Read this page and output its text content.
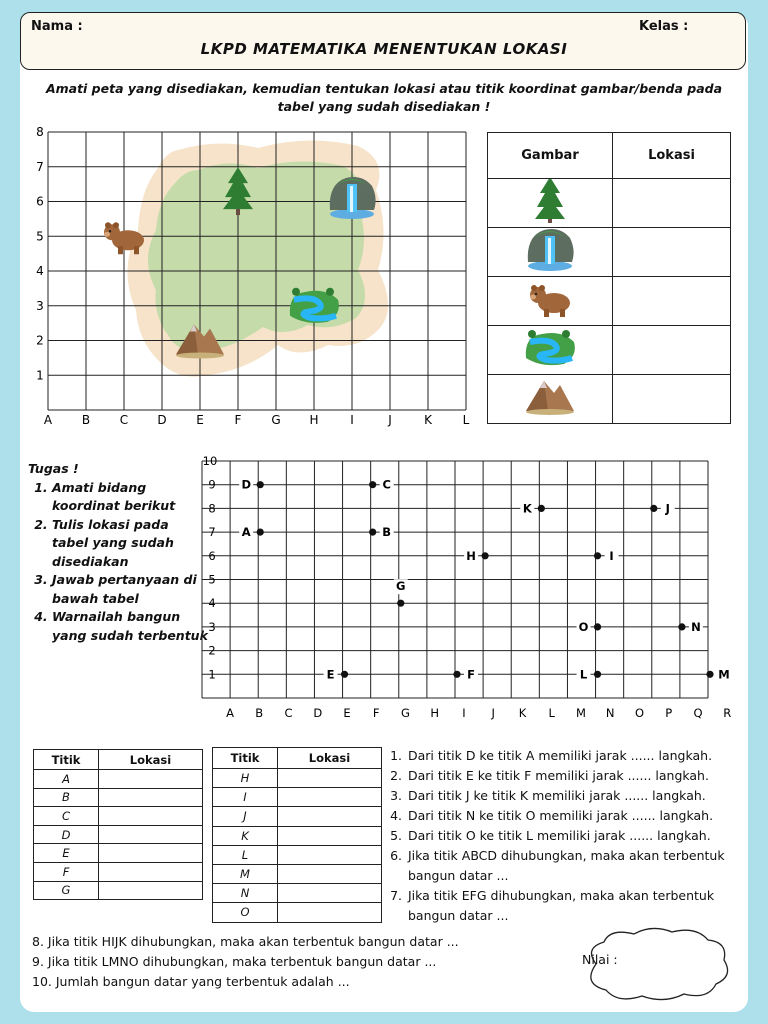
Nama :	Kelas :
LKPD MATEMATIKA MENENTUKAN LOKASI
Amati peta yang disediakan, kemudian tentukan lokasi atau titik koordinat gambar/benda pada tabel yang sudah disediakan !
A B C D E	F G H	I	J	K	L
1
2
3
4
5
6
7
8
Gambar	Lokasi

Tugas !
1. Amati bidang koordinat berikut
2. Tulis lokasi pada tabel yang sudah disediakan
3. Jawab pertanyaan di bawah tabel
4. Warnailah bangun yang sudah terbentuk
A B C D E F G H I J K L M N O P Q R
1
2
3
4
5
6
7
8
9
10
A	B
C
D
E	F
G
H	I
J
K
L	M
N
O
Titik	Lokasi
A	
B	
C	
D	
E	
F	
G	
Titik	Lokasi
H	
I	
J	
K	
L	
M	
N	
O	
1. Dari titik D ke titik A memiliki jarak ...... langkah.
2. Dari titik E ke titik F memiliki jarak ...... langkah.
3. Dari titik J ke titik K memiliki jarak ...... langkah.
4. Dari titik N ke titik O memiliki jarak ...... langkah.
5. Dari titik O ke titik L memiliki jarak ...... langkah.
6. Jika titik ABCD dihubungkan, maka akan terbentuk bangun datar ...
7. Jika titik EFG dihubungkan, maka akan terbentuk bangun datar ...
8. Jika titik HIJK dihubungkan, maka akan terbentuk bangun datar ...
9. Jika titik LMNO dihubungkan, maka terbentuk bangun datar ...
10. Jumlah bangun datar yang terbentuk adalah ...
Nilai :
